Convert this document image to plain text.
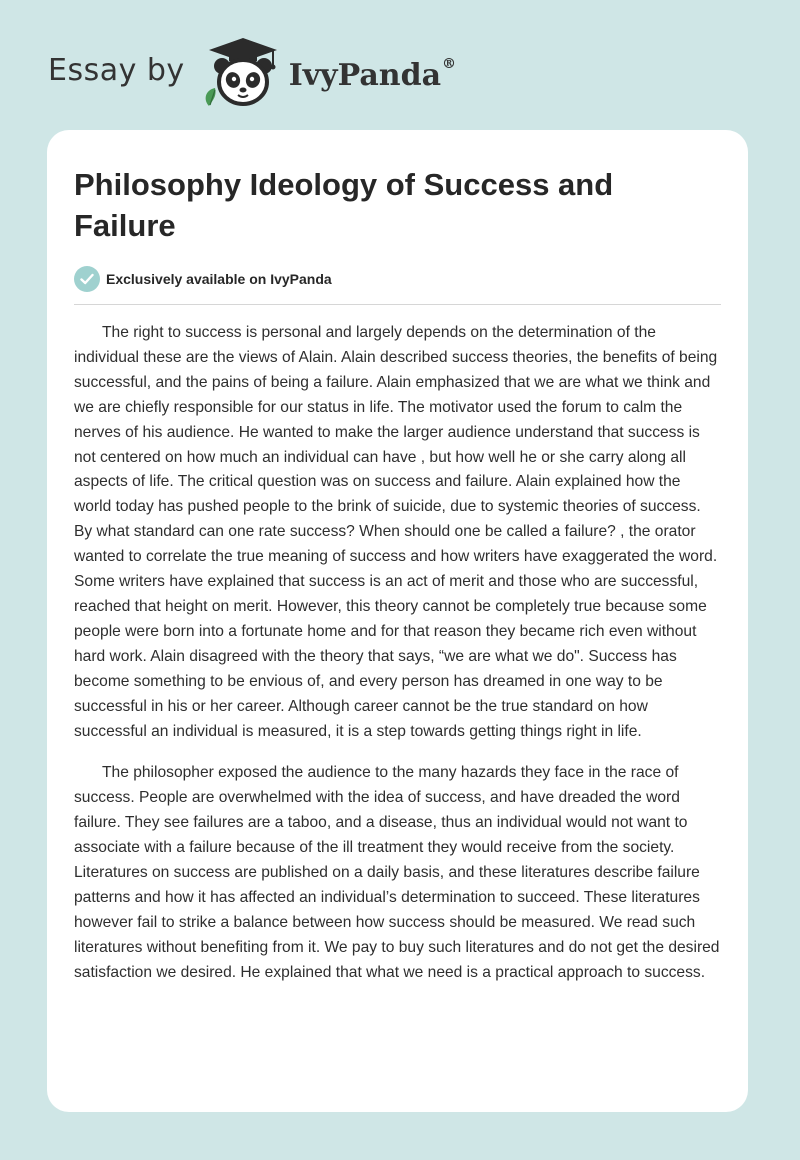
Essay by	IvyPanda®
Philosophy Ideology of Success and Failure
Exclusively available on IvyPanda

The right to success is personal and largely depends on the determination of the individual these are the views of Alain. Alain described success theories, the benefits of being successful, and the pains of being a failure. Alain emphasized that we are what we think and we are chiefly responsible for our status in life. The motivator used the forum to calm the nerves of his audience. He wanted to make the larger audience understand that success is not centered on how much an individual can have , but how well he or she carry along all aspects of life. The critical question was on success and failure. Alain explained how the world today has pushed people to the brink of suicide, due to systemic theories of success. By what standard can one rate success? When should one be called a failure? , the orator wanted to correlate the true meaning of success and how writers have exaggerated the word. Some writers have explained that success is an act of merit and those who are successful, reached that height on merit. However, this theory cannot be completely true because some people were born into a fortunate home and for that reason they became rich even without hard work. Alain disagreed with the theory that says, “we are what we do". Success has become something to be envious of, and every person has dreamed in one way to be successful in his or her career. Although career cannot be the true standard on how successful an individual is measured, it is a step towards getting things right in life.

The philosopher exposed the audience to the many hazards they face in the race of success. People are overwhelmed with the idea of success, and have dreaded the word failure. They see failures are a taboo, and a disease, thus an individual would not want to associate with a failure because of the ill treatment they would receive from the society. Literatures on success are published on a daily basis, and these literatures describe failure patterns and how it has affected an individual’s determination to succeed. These literatures however fail to strike a balance between how success should be measured. We read such literatures without benefiting from it. We pay to buy such literatures and do not get the desired satisfaction we desired. He explained that what we need is a practical approach to success.
